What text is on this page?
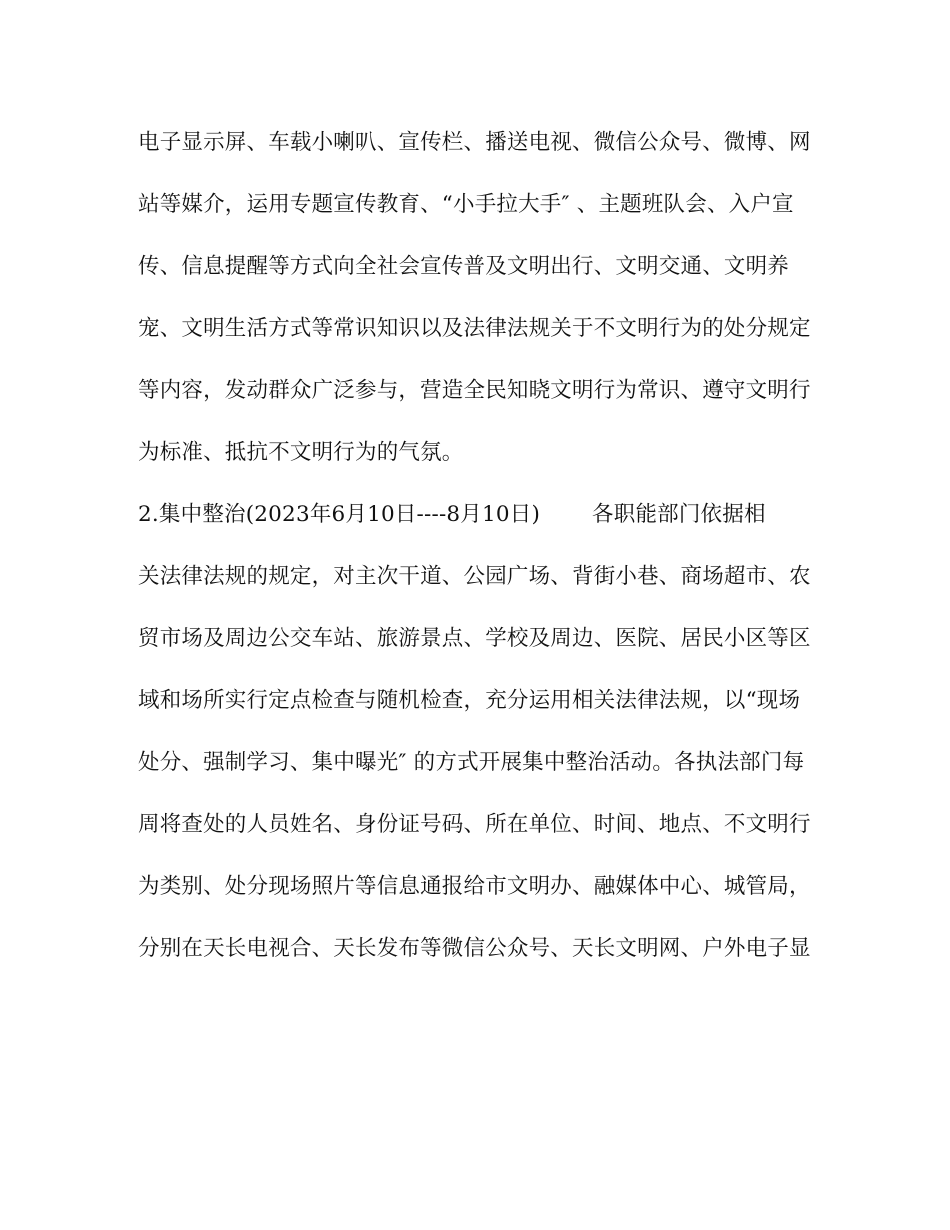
电子显示屏、车载小喇叭、宣传栏、播送电视、微信公众号、微博、网
站等媒介，运用专题宣传教育、“小手拉大手″ 、主题班队会、入户宣
传、信息提醒等方式向全社会宣传普及文明出行、文明交通、文明养
宠、文明生活方式等常识知识以及法律法规关于不文明行为的处分规定
等内容，发动群众广泛参与，营造全民知晓文明行为常识、遵守文明行
为标准、抵抗不文明行为的气氛。
2.集中整治(2023年6月10日----8月10日) 各职能部门依据相
关法律法规的规定，对主次干道、公园广场、背街小巷、商场超市、农
贸市场及周边公交车站、旅游景点、学校及周边、医院、居民小区等区
域和场所实行定点检查与随机检查，充分运用相关法律法规，以“现场
处分、强制学习、集中曝光″ 的方式开展集中整治活动。各执法部门每
周将查处的人员姓名、身份证号码、所在单位、时间、地点、不文明行
为类别、处分现场照片等信息通报给市文明办、融媒体中心、城管局，
分别在天长电视合、天长发布等微信公众号、天长文明网、户外电子显
